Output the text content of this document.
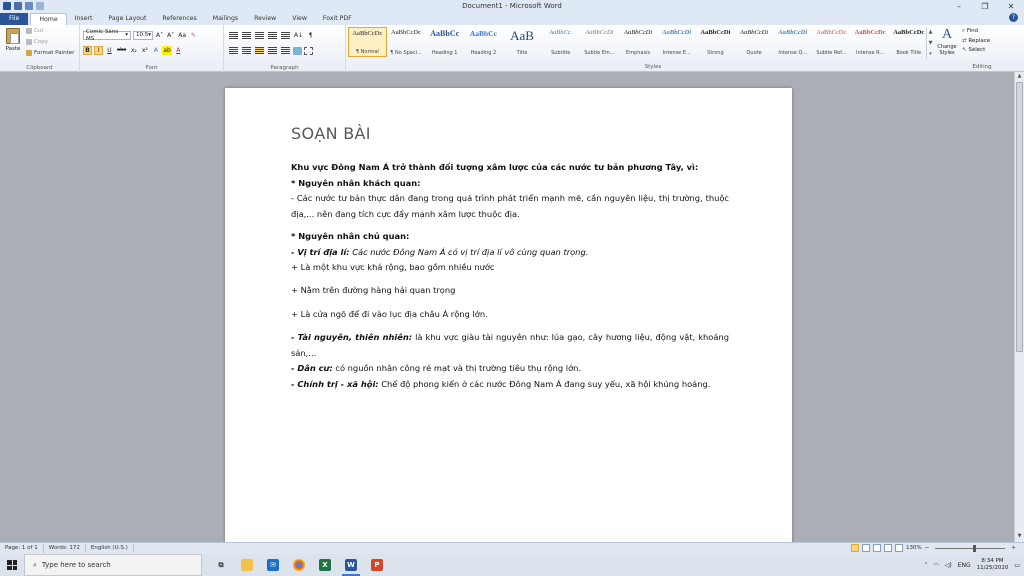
Document1 - Microsoft Word	–	❐	✕
File	Home	Insert	Page Layout	References	Mailings	Review	View	Foxit PDF	?
Paste
Cut
Copy
Format Painter
Clipboard
Comic Sans MS
▾ 10.5 ▾ A˄ A˅ Aa ✎
B	I	U	abe x₂ x² A ab A
Font
A↓ ¶
Paragraph
AaBbCcDc
¶ Normal
AaBbCcDc
¶ No Spaci...
AaBbCc
Heading 1
AaBbCc
Heading 2
AaB
Title
AaBbCc.
Subtitle
AaBbCcDi
Subtle Em...
AaBbCcDi
Emphasis
AaBbCcDi
Intense E...
AaBbCcDi
Strong
AaBbCcDi
Quote
AaBbCcDi
Intense Q...
AaBbCcDc
Subtle Ref...
AaBbCcDc
Intense R...
AaBbCcDc
Book Title
▲
▼
▾
A
Change Styles
Styles
⌕ Find
⇄ Replace
↖ Select
Editing
SOẠN BÀI
Khu vực Đông Nam Á trở thành đối tượng xâm lược của các nước tư bản phương Tây, vì:
* Nguyên nhân khách quan:
- Các nước tư bản thực dân đang trong quá trình phát triển mạnh mẽ, cần nguyên liệu, thị trường, thuộc địa,... nên đang tích cực đẩy mạnh xâm lược thuộc địa.
* Nguyên nhân chủ quan:
- Vị trí địa lí: Các nước Đông Nam Á có vị trí địa lí vô cùng quan trọng.
+ Là một khu vực khá rộng, bao gồm nhiều nước
+ Nằm trên đường hàng hải quan trọng
+ Là cửa ngõ để đi vào lục địa châu Á rộng lớn.
- Tài nguyên, thiên nhiên: là khu vực giàu tài nguyên như: lúa gạo, cây hương liệu, động vật, khoáng sản,...
- Dân cư: có nguồn nhân công rẻ mạt và thị trường tiêu thụ rộng lớn.
- Chính trị - xã hội: Chế độ phong kiến ở các nước Đông Nam Á đang suy yếu, xã hội khủng hoảng.
▲
▼
Page: 1 of 1	Words: 172	English (U.S.)	130% −	+
⌕ Type here to search	⧉	✉	X	W	P	˄ ◠ ◁) ENG
8:34 PM
11/25/2020 ▭
